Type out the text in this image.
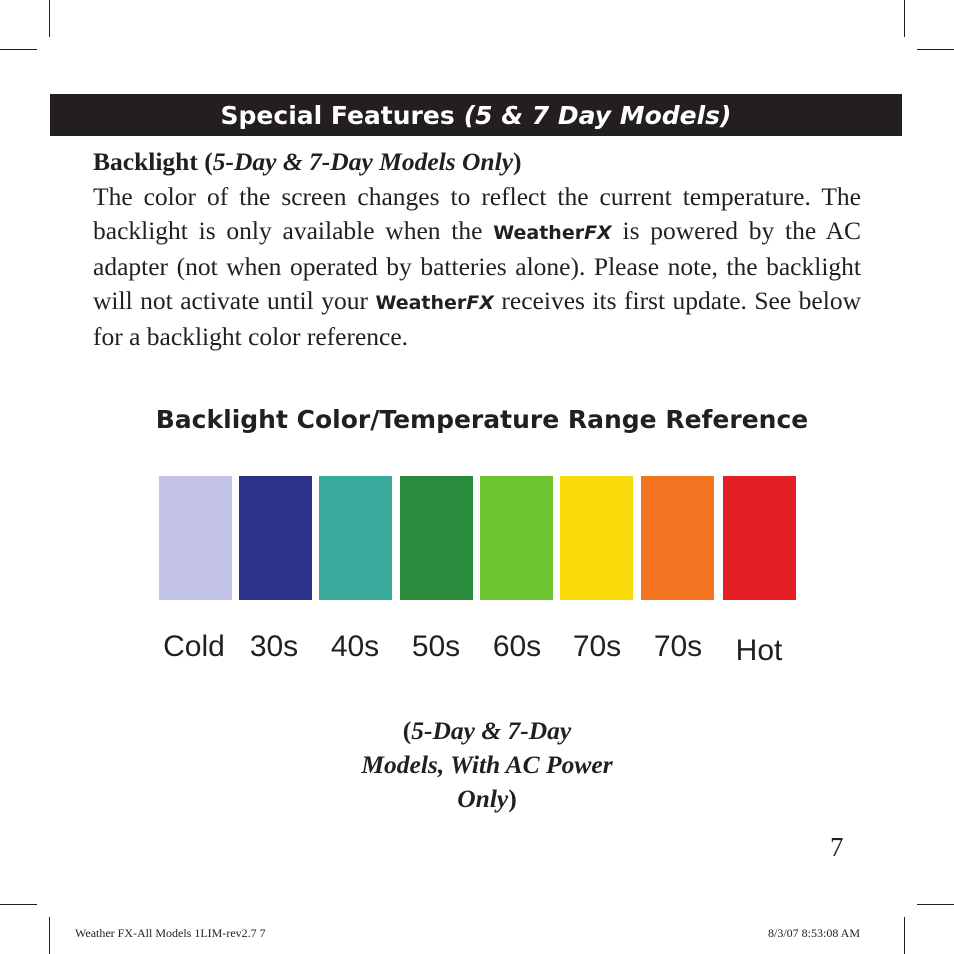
Special Features (5 & 7 Day Models)
Backlight (5-Day & 7-Day Models Only)
The color of the screen changes to reflect the current temperature. The backlight is only available when the WeatherFX is powered by the AC adapter (not when operated by batteries alone). Please note, the backlight will not activate until your WeatherFX receives its first update. See below for a backlight color reference.
Backlight Color/Temperature Range Reference
Cold 30s	40s	50s	60s	70s	70s	Hot
(5-Day & 7-Day Models, With AC Power Only)
7
Weather FX-All Models 1LIM-rev2.7 7	8/3/07 8:53:08 AM
